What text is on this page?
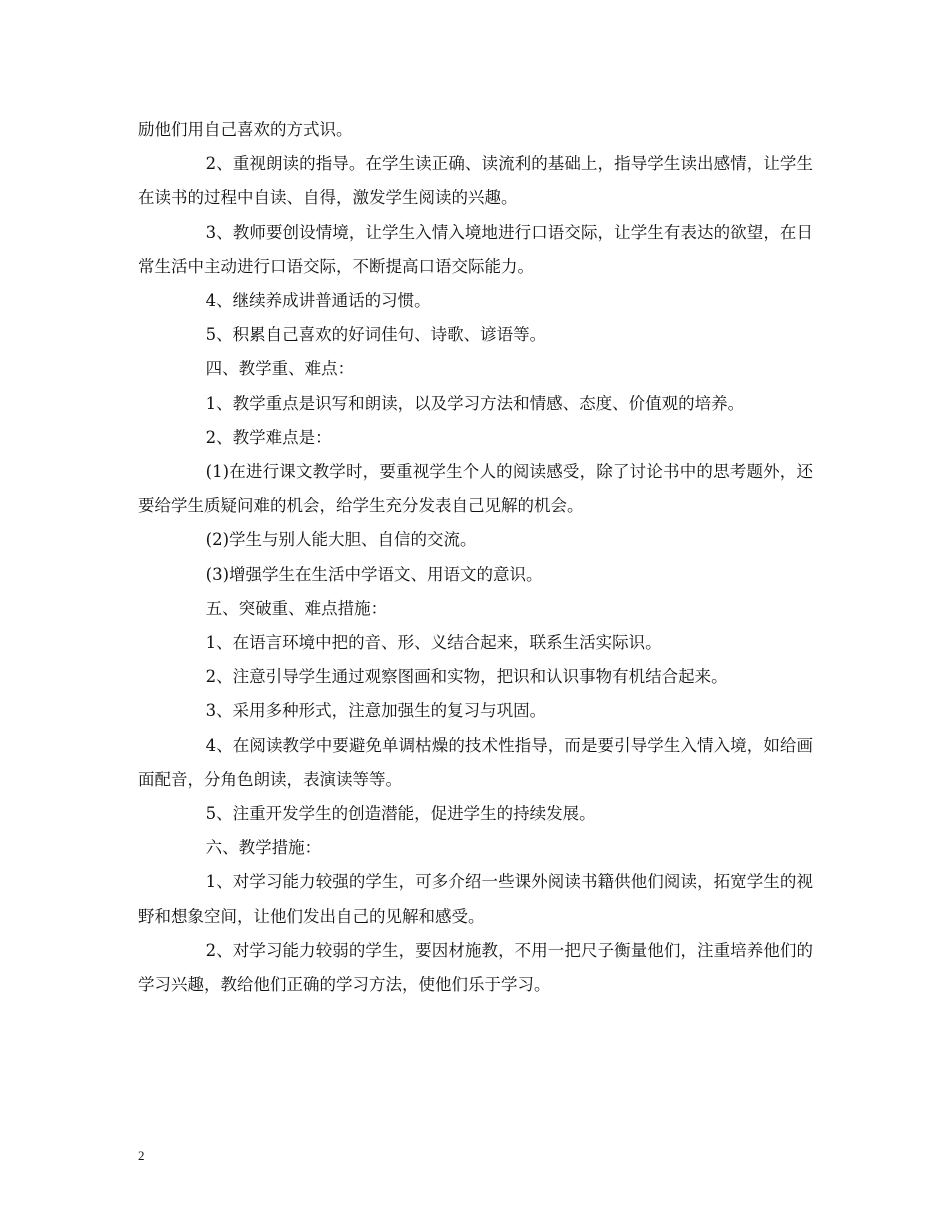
励他们用自己喜欢的方式识。

2、重视朗读的指导。在学生读正确、读流利的基础上，指导学生读出感情，让学生在读书的过程中自读、自得，激发学生阅读的兴趣。

3、教师要创设情境，让学生入情入境地进行口语交际，让学生有表达的欲望，在日常生活中主动进行口语交际，不断提高口语交际能力。

4、继续养成讲普通话的习惯。

5、积累自己喜欢的好词佳句、诗歌、谚语等。

四、教学重、难点：

1、教学重点是识写和朗读，以及学习方法和情感、态度、价值观的培养。

2、教学难点是：

(1)在进行课文教学时，要重视学生个人的阅读感受，除了讨论书中的思考题外，还要给学生质疑问难的机会，给学生充分发表自己见解的机会。

(2)学生与别人能大胆、自信的交流。

(3)增强学生在生活中学语文、用语文的意识。

五、突破重、难点措施：

1、在语言环境中把的音、形、义结合起来，联系生活实际识。

2、注意引导学生通过观察图画和实物，把识和认识事物有机结合起来。

3、采用多种形式，注意加强生的复习与巩固。

4、在阅读教学中要避免单调枯燥的技术性指导，而是要引导学生入情入境，如给画面配音，分角色朗读，表演读等等。

5、注重开发学生的创造潜能，促进学生的持续发展。

六、教学措施：

1、对学习能力较强的学生，可多介绍一些课外阅读书籍供他们阅读，拓宽学生的视野和想象空间，让他们发出自己的见解和感受。

2、对学习能力较弱的学生，要因材施教，不用一把尺子衡量他们，注重培养他们的学习兴趣，教给他们正确的学习方法，使他们乐于学习。

2
